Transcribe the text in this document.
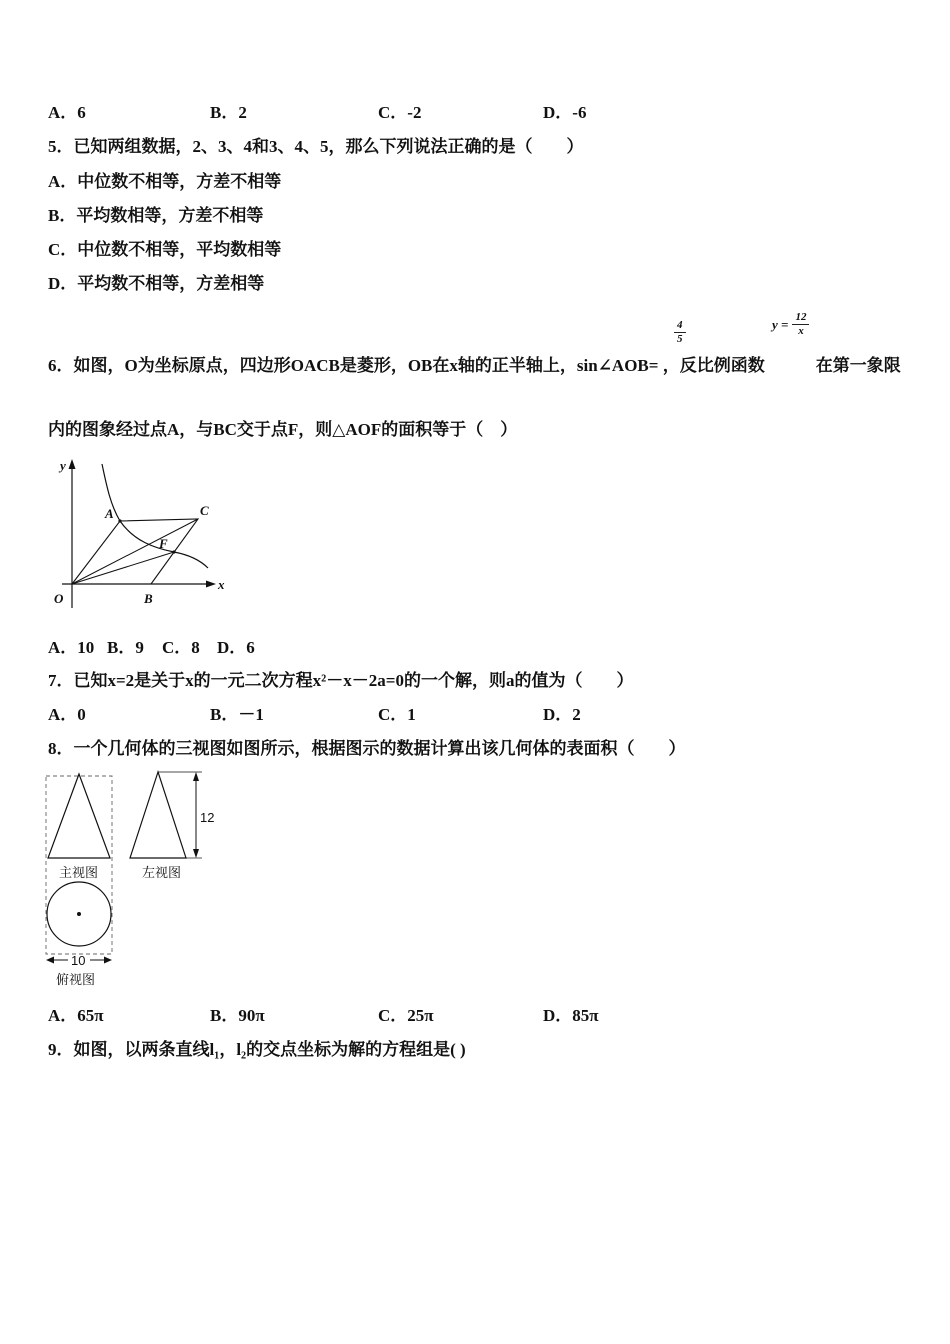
A．6	B．2	C．-2	D．-6
5．已知两组数据，2、3、4和3、4、5，那么下列说法正确的是（　　）
A．中位数不相等，方差不相等
B．平均数相等，方差不相等
C．中位数不相等，平均数相等
D．平均数不相等，方差相等

$\frac{4}{5}$

	$y = \frac{12}{x}$
6．如图，O为坐标原点，四边形OACB是菱形，OB在x轴的正半轴上，sin∠AOB= ，反比例函数　　　在第一象限
内的图象经过点A，与BC交于点F，则△AOF的面积等于（　）
y
x
O
A	C
B
F
A．10 B．9 C．8 D．6
7．已知x=2是关于x的一元二次方程x²－x－2a=0的一个解，则a的值为（　　）
A．0	B．－1	C．1	D．2
8．一个几何体的三视图如图所示，根据图示的数据计算出该几何体的表面积（　　）
主视图
12
左视图
10
俯视图
A．65π	B．90π	C．25π	D．85π
9．如图，以两条直线l₁，l₂的交点坐标为解的方程组是( )
